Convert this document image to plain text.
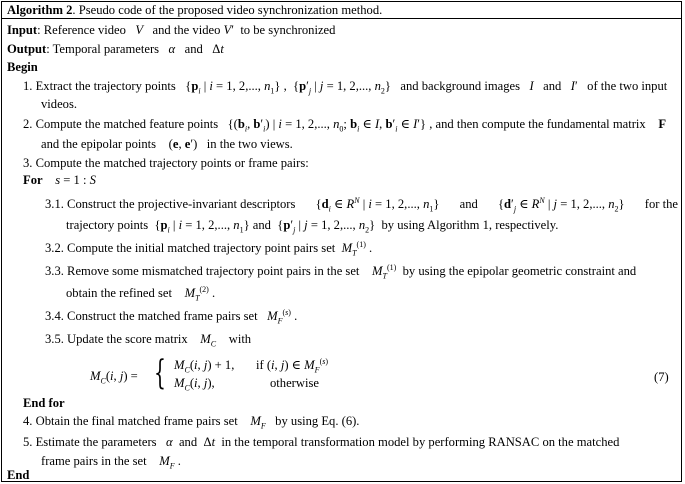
Algorithm 2. Pseudo code of the proposed video synchronization method.
Input: Reference video V and the video V′  to be synchronized
Output: Temporal parameters α and   Δt
Begin
1. Extract the trajectory points   {$p_i$ | i = 1, 2,..., $n_1$} ,  {$p'_j$ | j = 1, 2,..., $n_2$}   and background images I and I′   of the two input
videos.
2. Compute the matched feature points   {($b_i$, $b'_i$) | i = 1, 2,..., $n_0$; $b_i$ ∈ I, $b'_i$ ∈ I′} , and then compute the fundamental matrix F
and the epipolar points    (e, e′)   in the two views.
3. Compute the matched trajectory points or frame pairs:
For s = 1 : S
3.1. Construct the projective-invariant descriptors {$d_i$ ∈ $R^N$ | i = 1, 2,..., $n_1$} and {$d'_j$ ∈ $R^N$ | j = 1, 2,..., $n_2$} for the
trajectory points  {$p_i$ | i = 1, 2,..., $n_1$} and  {$p'_j$ | j = 1, 2,..., $n_2$}  by using Algorithm 1, respectively.
3.2. Compute the initial matched trajectory point pairs set $M_T^{(1)}$ .
3.3. Remove some mismatched trajectory point pairs in the set $M_T^{(1)}$ by using the epipolar geometric constraint and
obtain the refined set $M_T^{(2)}$ .
3.4. Construct the matched frame pairs set $M_F^{(s)}$ .
3.5. Update the score matrix $M_C$ with
$M_C(i$, j) = { $M_C(i$, j) + 1,
$M_C(i$, j),
if (i, j) ∈ $M_F^{(s)}$
otherwise	(7)
End for
4. Obtain the final matched frame pairs set $M_F$ by using Eq. (6).
5. Estimate the parameters α and  Δt in the temporal transformation model by performing RANSAC on the matched
frame pairs in the set $M_F$ .
End
